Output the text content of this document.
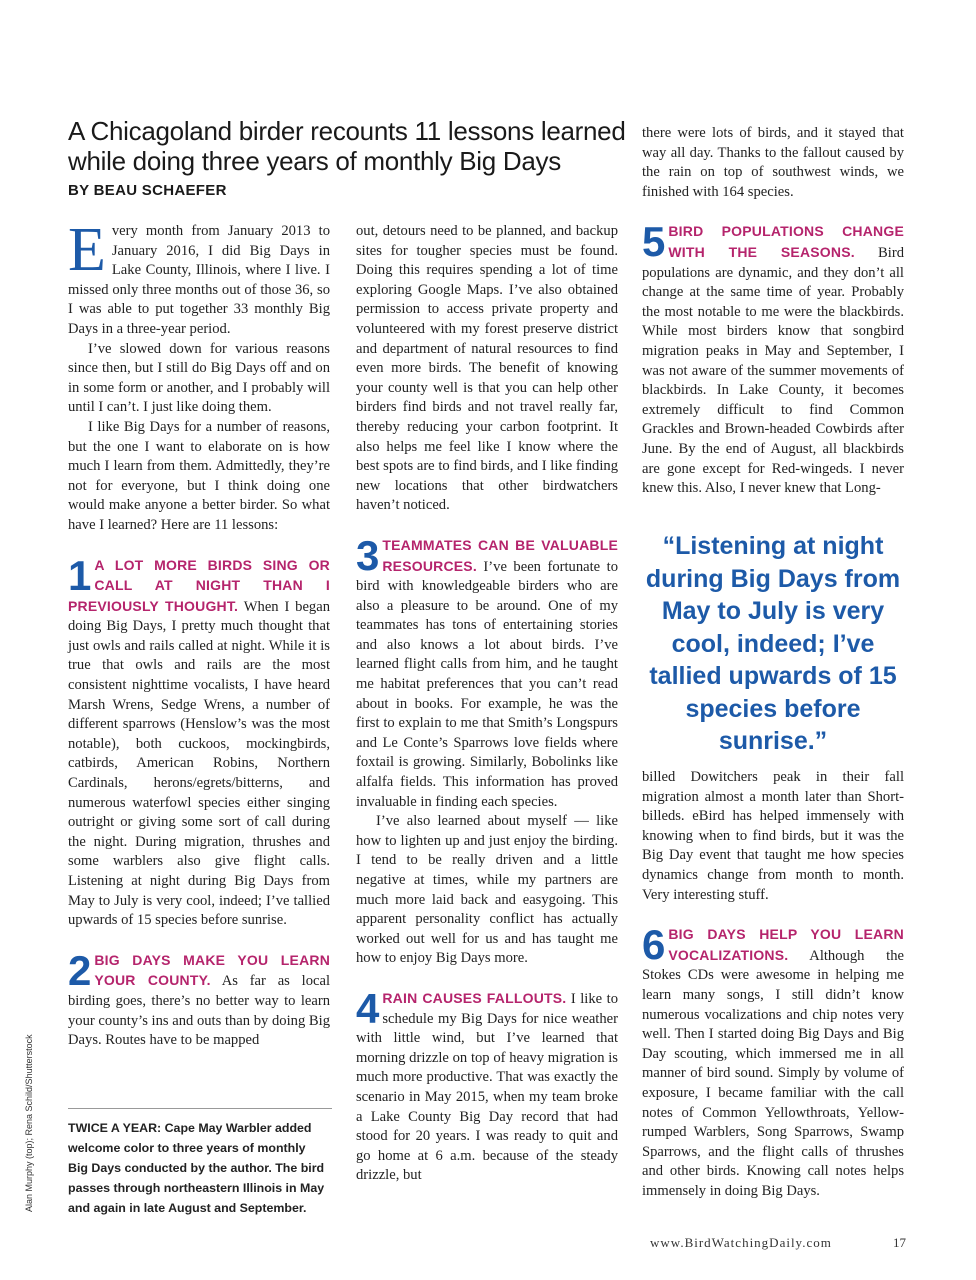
A Chicagoland birder recounts 11 lessons learned while doing three years of monthly Big Days
BY BEAU SCHAEFER

Every month from January 2013 to January 2016, I did Big Days in Lake County, Illinois, where I live. I missed only three months out of those 36, so I was able to put together 33 monthly Big Days in a three-year period.

I’ve slowed down for various reasons since then, but I still do Big Days off and on in some form or another, and I probably will until I can’t. I just like doing them.

I like Big Days for a number of reasons, but the one I want to elaborate on is how much I learn from them. Admittedly, they’re not for everyone, but I think doing one would make anyone a better birder. So what have I learned? Here are 11 lessons:

1 A LOT MORE BIRDS SING OR CALL AT NIGHT THAN I PREVIOUSLY THOUGHT. When I began doing Big Days, I pretty much thought that just owls and rails called at night. While it is true that owls and rails are the most consistent nighttime vocalists, I have heard Marsh Wrens, Sedge Wrens, a number of different sparrows (Henslow’s was the most notable), both cuckoos, mockingbirds, catbirds, American Robins, Northern Cardinals, herons/egrets/bitterns, and numerous waterfowl species either singing outright or giving some sort of call during the night. During migration, thrushes and some warblers also give flight calls. Listening at night during Big Days from May to July is very cool, indeed; I’ve tallied upwards of 15 species before sunrise.

2 BIG DAYS MAKE YOU LEARN YOUR COUNTY. As far as local birding goes, there’s no better way to learn your county’s ins and outs than by doing Big Days. Routes have to be mapped

TWICE A YEAR: Cape May Warbler added welcome color to three years of monthly Big Days conducted by the author. The bird passes through northeastern Illinois in May and again in late August and September.
Alan Murphy (top); Rena Schild/Shutterstock

out, detours need to be planned, and backup sites for tougher species must be found. Doing this requires spending a lot of time exploring Google Maps. I’ve also obtained permission to access private property and volunteered with my forest preserve district and department of natural resources to find even more birds. The benefit of knowing your county well is that you can help other birders find birds and not travel really far, thereby reducing your carbon footprint. It also helps me feel like I know where the best spots are to find birds, and I like finding new locations that other birdwatchers haven’t noticed.

3 TEAMMATES CAN BE VALUABLE RESOURCES. I’ve been fortunate to bird with knowledgeable birders who are also a pleasure to be around. One of my teammates has tons of entertaining stories and also knows a lot about birds. I’ve learned flight calls from him, and he taught me habitat preferences that you can’t read about in books. For example, he was the first to explain to me that Smith’s Longspurs and Le Conte’s Sparrows love fields where foxtail is growing. Similarly, Bobolinks like alfalfa fields. This information has proved invaluable in finding each species.

I’ve also learned about myself — like how to lighten up and just enjoy the birding. I tend to be really driven and a little negative at times, while my partners are much more laid back and easygoing. This apparent personality conflict has actually worked out well for us and has taught me how to enjoy Big Days more.

4 RAIN CAUSES FALLOUTS. I like to schedule my Big Days for nice weather with little wind, but I’ve learned that morning drizzle on top of heavy migration is much more productive. That was exactly the scenario in May 2015, when my team broke a Lake County Big Day record that had stood for 20 years. I was ready to quit and go home at 6 a.m. because of the steady drizzle, but

there were lots of birds, and it stayed that way all day. Thanks to the fallout caused by the rain on top of southwest winds, we finished with 164 species.

5 BIRD POPULATIONS CHANGE WITH THE SEASONS. Bird populations are dynamic, and they don’t all change at the same time of year. Probably the most notable to me were the blackbirds. While most birders know that songbird migration peaks in May and September, I was not aware of the summer movements of blackbirds. In Lake County, it becomes extremely difficult to find Common Grackles and Brown-headed Cowbirds after June. By the end of August, all blackbirds are gone except for Red-wingeds. I never knew this. Also, I never knew that Long-

“Listening at night during Big Days from May to July is very cool, indeed; I’ve tallied upwards of 15 species before sunrise.”

billed Dowitchers peak in their fall migration almost a month later than Short-billeds. eBird has helped immensely with knowing when to find birds, but it was the Big Day event that taught me how species dynamics change from month to month. Very interesting stuff.

6 BIG DAYS HELP YOU LEARN VOCALIZATIONS. Although the Stokes CDs were awesome in helping me learn many songs, I still didn’t know numerous vocalizations and chip notes very well. Then I started doing Big Days and Big Day scouting, which immersed me in all manner of bird sound. Simply by volume of exposure, I became familiar with the call notes of Common Yellowthroats, Yellow-rumped Warblers, Song Sparrows, Swamp Sparrows, and the flight calls of thrushes and other birds. Knowing call notes helps immensely in doing Big Days.

www.BirdWatchingDaily.com	17
